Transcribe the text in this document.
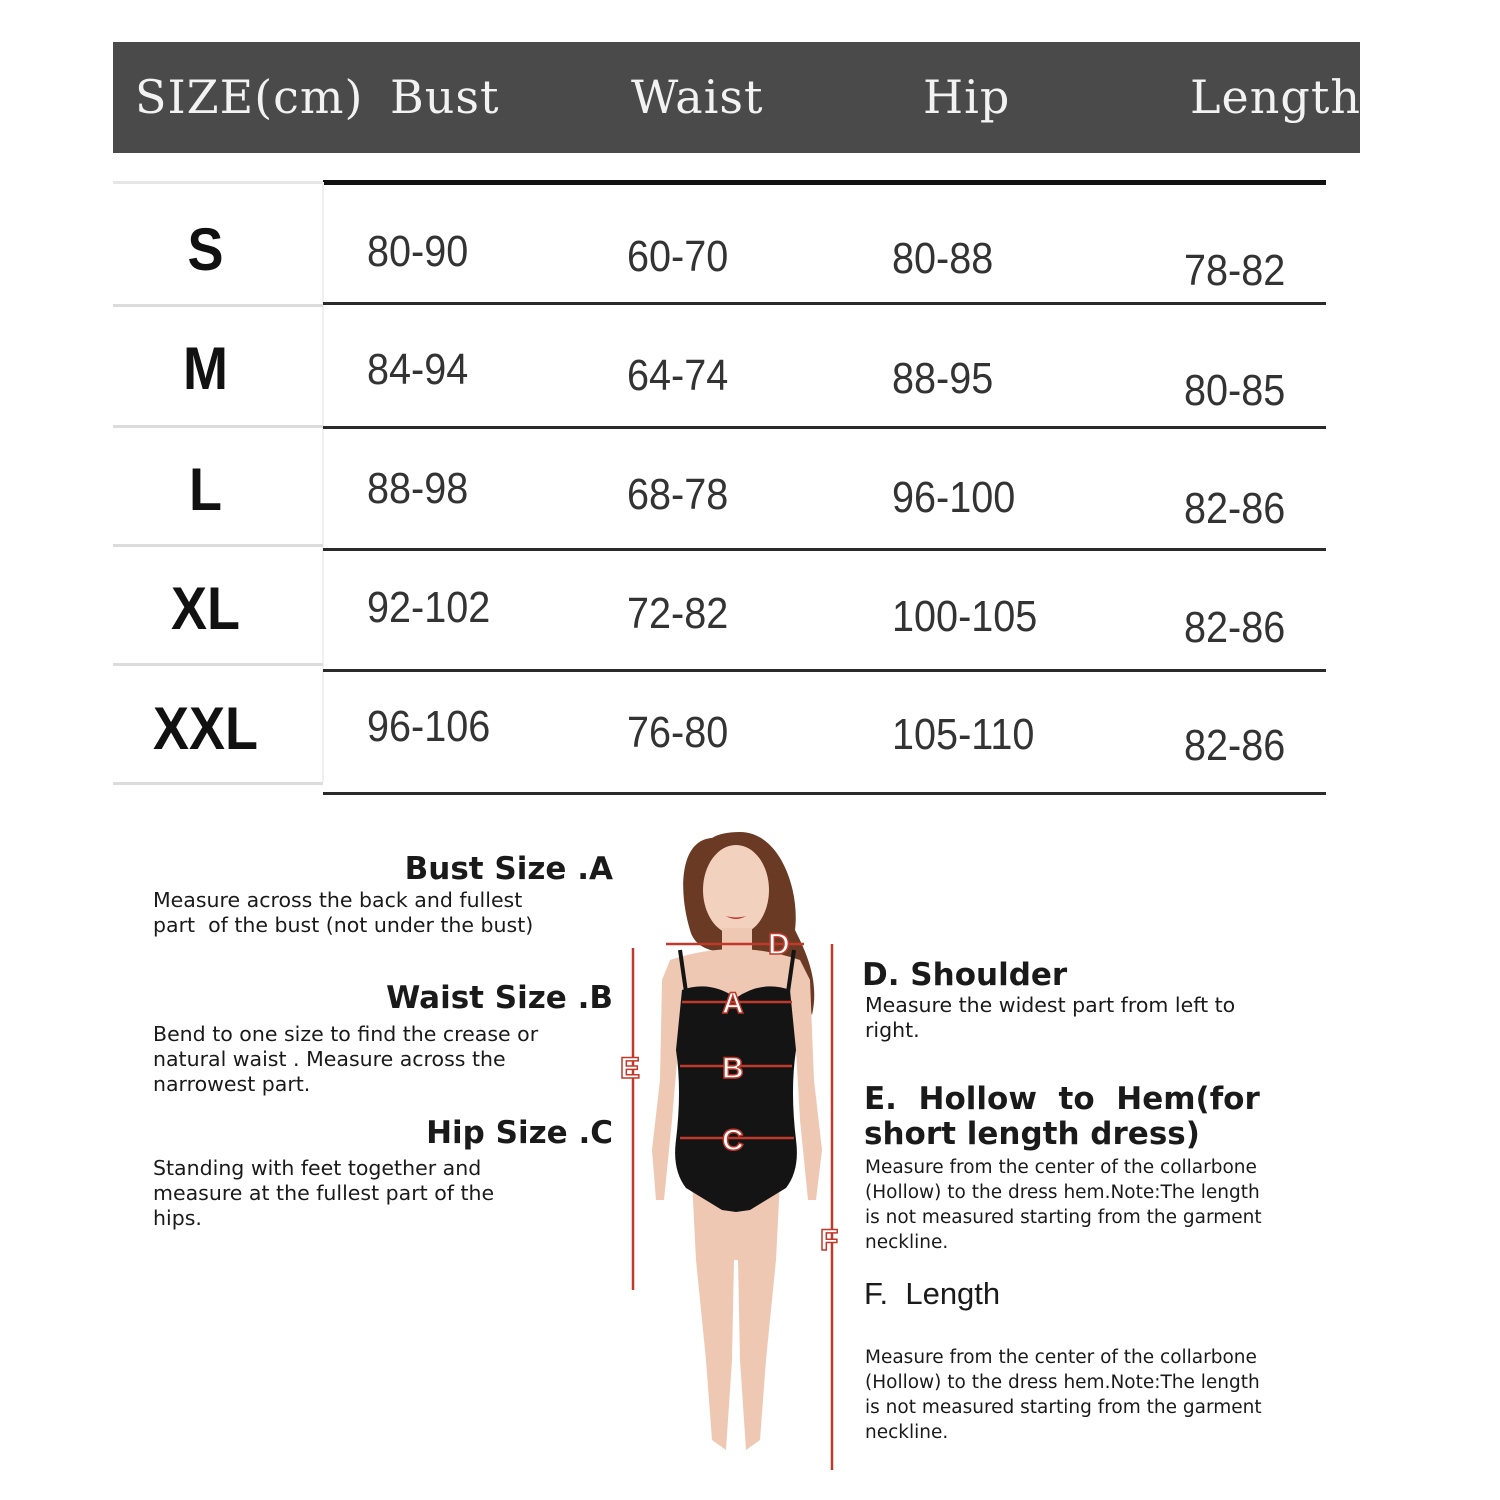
SIZE(cm) Bust	Waist	Hip	Length
S	80-90	60-70	80-88	78-82
M	84-94	64-74	88-95	80-85
L	88-98	68-78	96-100	82-86
XL	92-102	72-82	100-105	82-86
XXL	96-106	76-80	105-110	82-86
Bust Size .A
Measure across the back and fullest
part  of the bust (not under the bust)
Waist Size .B
Bend to one size to find the crease or
natural waist . Measure across the
narrowest part.
Hip Size .C
Standing with feet together and
measure at the fullest part of the
hips.
D. Shoulder
Measure the widest part from left to
right.
E.  Hollow  to  Hem(for
short length dress)
Measure from the center of the collarbone
(Hollow) to the dress hem.Note:The length
is not measured starting from the garment
neckline.
F.  Length
Measure from the center of the collarbone
(Hollow) to the dress hem.Note:The length
is not measured starting from the garment
neckline.
A
B
C
D
E
F
